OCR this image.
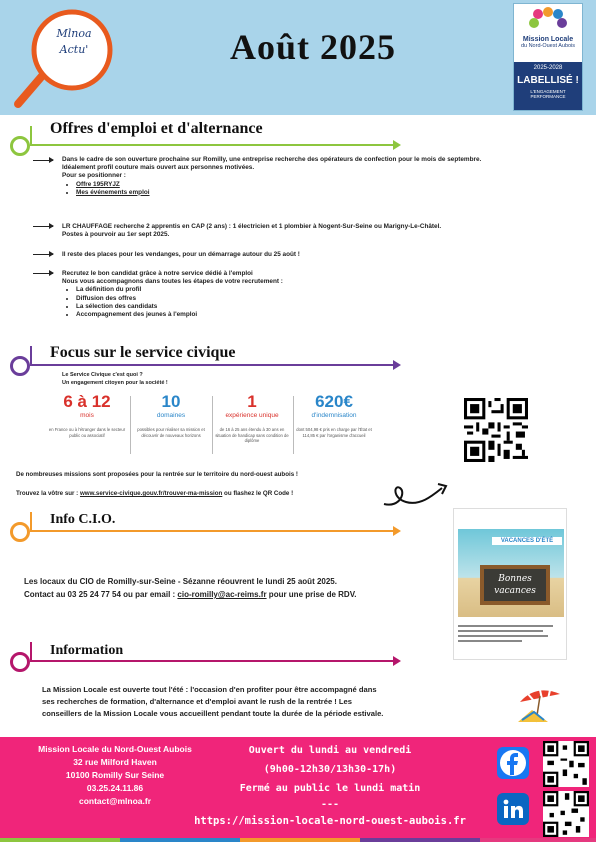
Mlnoa
Actu'	Août 2025	Mission Locale
du Nord-Ouest Aubois
2025-2028
LABELLISÉ !
L'ENGAGEMENT PERFORMANCE
Offres d'emploi et d'alternance
Dans le cadre de son ouverture prochaine sur Romilly, une entreprise recherche des opérateurs de confection pour le mois de septembre.
Idéalement profil couture mais ouvert aux personnes motivées.
Pour se positionner :
• Offre 195RYJZ
• Mes événements emploi
LR CHAUFFAGE recherche 2 apprentis en CAP (2 ans) : 1 électricien et 1 plombier à Nogent-Sur-Seine ou Marigny-Le-Châtel.
Postes à pourvoir au 1er sept 2025.
Il reste des places pour les vendanges, pour un démarrage autour du 25 août !
Recrutez le bon candidat grâce à notre service dédié à l'emploi
Nous vous accompagnons dans toutes les étapes de votre recrutement :
• La définition du profil
• Diffusion des offres
• La sélection des candidats
• Accompagnement des jeunes à l'emploi
Focus sur le service civique
Le Service Civique c'est quoi ?
Un engagement citoyen pour la société !
6 à 12
mois
en France ou à l'étranger dans le secteur public ou associatif
10
domaines
possibles pour réaliser sa mission et découvrir de nouveaux horizons
1
expérience unique
de 16 à 25 ans étendu à 30 ans en situation de handicap sans condition de diplôme
620€
d'indemnisation
dont 504,98 € pris en charge par l'État et 114,85 € par l'organisme d'accueil
De nombreuses missions sont proposées pour la rentrée sur le territoire du nord-ouest aubois !
Trouvez la vôtre sur : www.service-civique.gouv.fr/trouver-ma-mission ou flashez le QR Code !
Info C.I.O.
Les locaux du CIO de Romilly-sur-Seine - Sézanne réouvrent le lundi 25 août 2025.
Contact au 03 25 24 77 54 ou par email : cio-romilly@ac-reims.fr pour une prise de RDV.
VACANCES D'ÉTÉ
Bonnes
vacances
Information
La Mission Locale est ouverte tout l'été : l'occasion d'en profiter pour être accompagné dans
ses recherches de formation, d'alternance et d'emploi avant le rush de la rentrée ! Les
conseillers de la Mission Locale vous accueillent pendant toute la durée de la période estivale.
Mission Locale du Nord-Ouest Aubois
32 rue Milford Haven
10100 Romilly Sur Seine
03.25.24.11.86
contact@mlnoa.fr
Ouvert du lundi au vendredi
(9h00-12h30/13h30-17h)
Fermé au public le lundi matin
---
https://mission-locale-nord-ouest-aubois.fr
